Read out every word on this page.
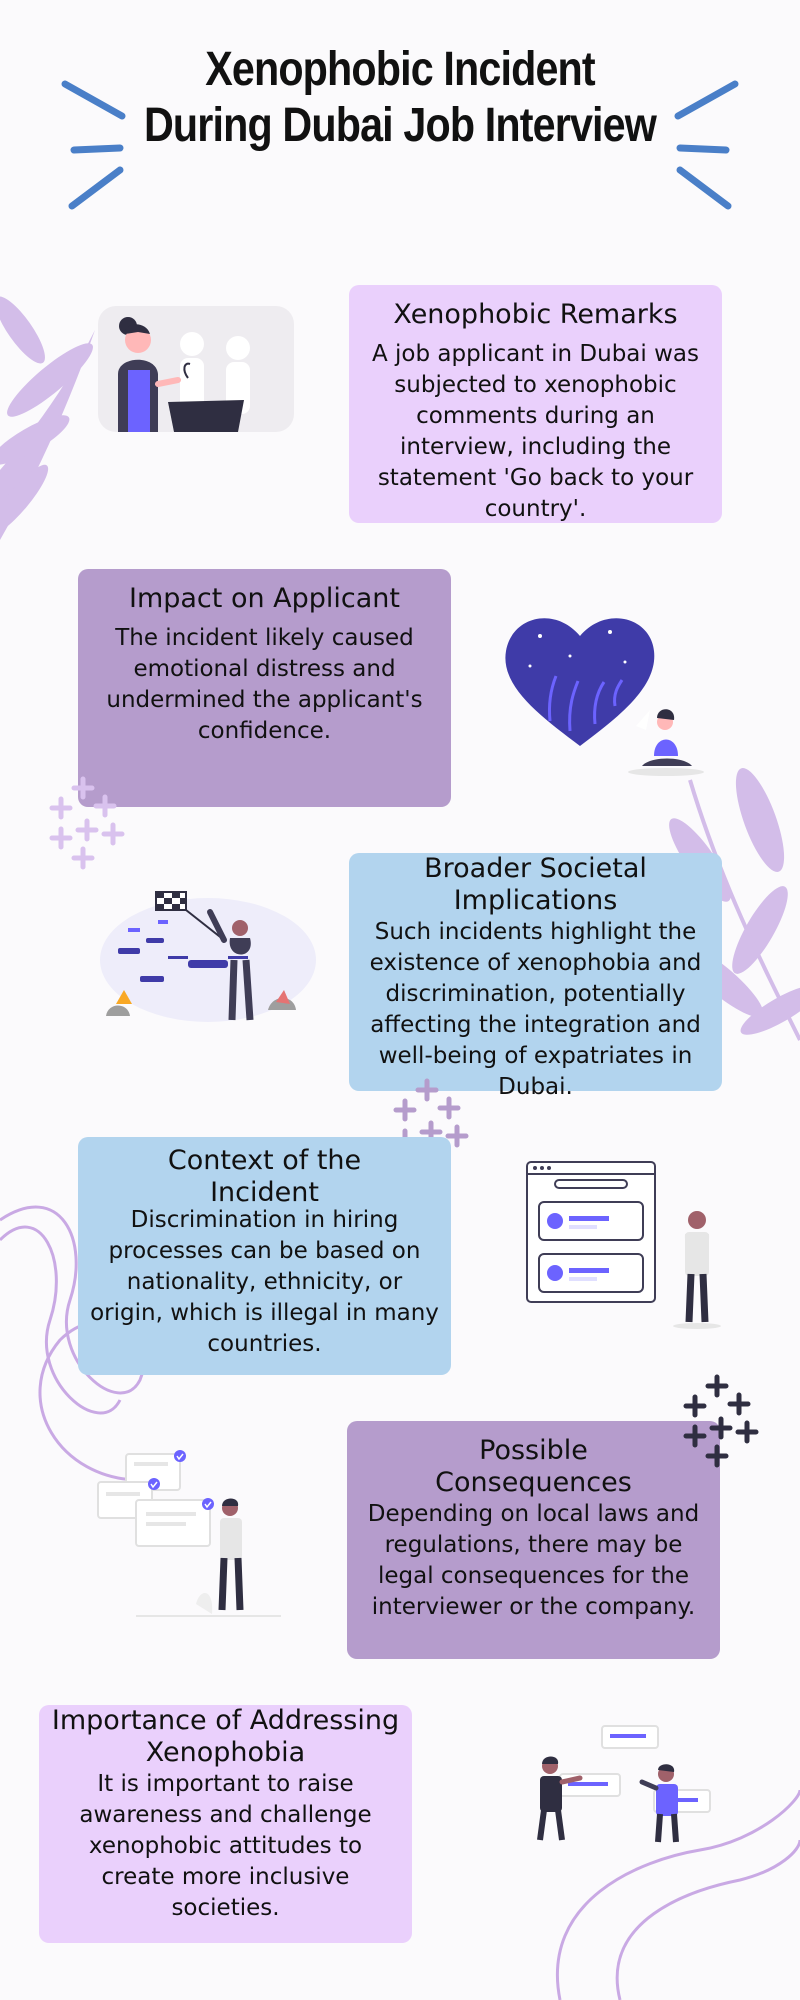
Xenophobic Incident During Dubai Job Interview
Xenophobic Remarks

A job applicant in Dubai was subjected to xenophobic comments during an interview, including the statement 'Go back to your country'.

Impact on Applicant

The incident likely caused emotional distress and undermined the applicant's confidence.

Broader Societal Implications

Such incidents highlight the existence of xenophobia and discrimination, potentially affecting the integration and well-being of expatriates in Dubai.

Context of the Incident

Discrimination in hiring processes can be based on nationality, ethnicity, or origin, which is illegal in many countries.

Possible Consequences

Depending on local laws and regulations, there may be legal consequences for the interviewer or the company.

Importance of Addressing Xenophobia

It is important to raise awareness and challenge xenophobic attitudes to create more inclusive societies.
